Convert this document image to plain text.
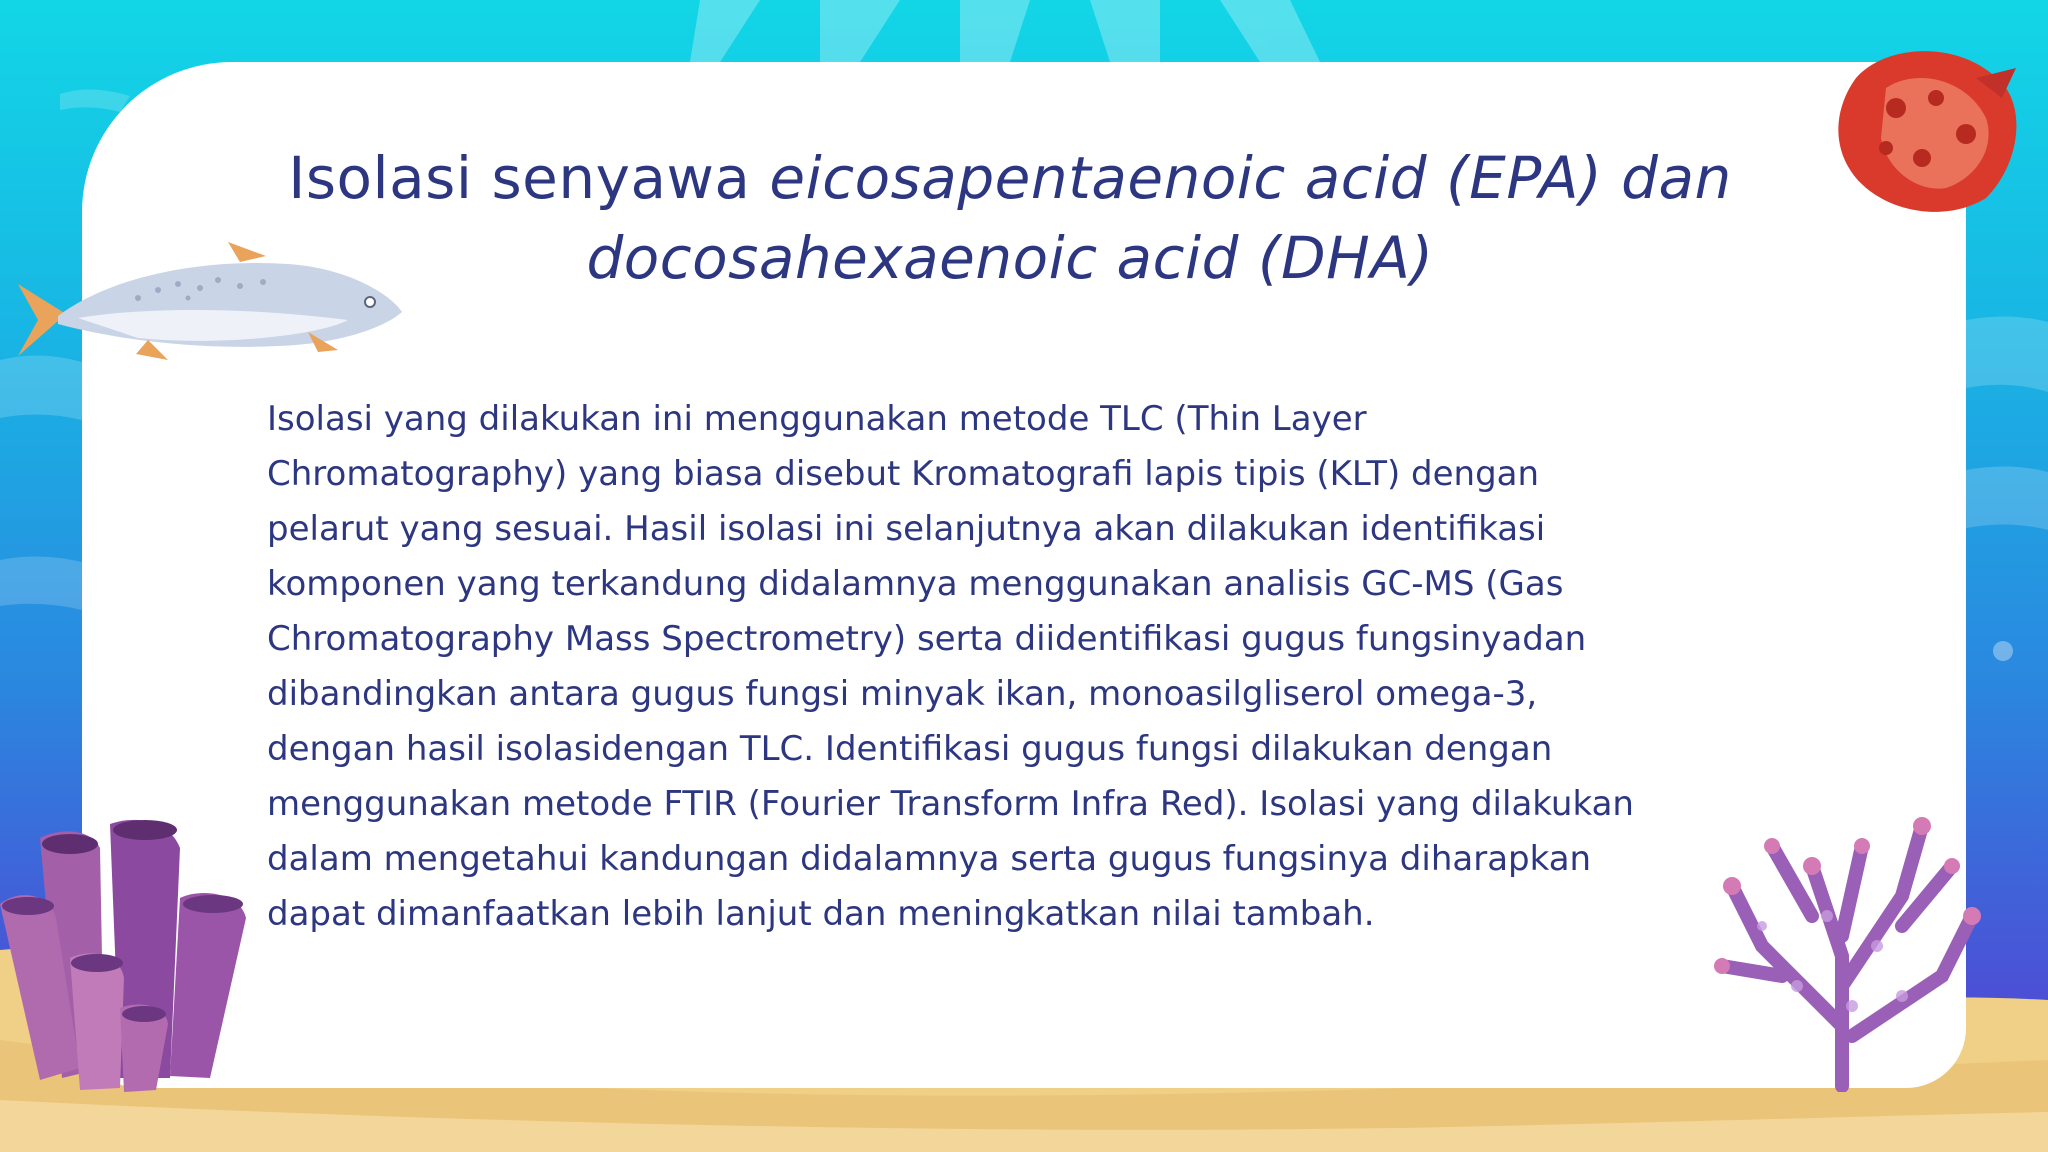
Isolasi senyawa eicosapentaenoic acid (EPA) dan
docosahexaenoic acid (DHA)

Isolasi yang dilakukan ini menggunakan metode TLC (Thin Layer
Chromatography) yang biasa disebut Kromatografi lapis tipis (KLT) dengan
pelarut yang sesuai. Hasil isolasi ini selanjutnya akan dilakukan identifikasi
komponen yang terkandung didalamnya menggunakan analisis GC-MS (Gas
Chromatography Mass Spectrometry) serta diidentifikasi gugus fungsinyadan
dibandingkan antara gugus fungsi minyak ikan, monoasilgliserol omega-3,
dengan hasil isolasidengan TLC. Identifikasi gugus fungsi dilakukan dengan
menggunakan metode FTIR (Fourier Transform Infra Red). Isolasi yang dilakukan
dalam mengetahui kandungan didalamnya serta gugus fungsinya diharapkan
dapat dimanfaatkan lebih lanjut dan meningkatkan nilai tambah.
